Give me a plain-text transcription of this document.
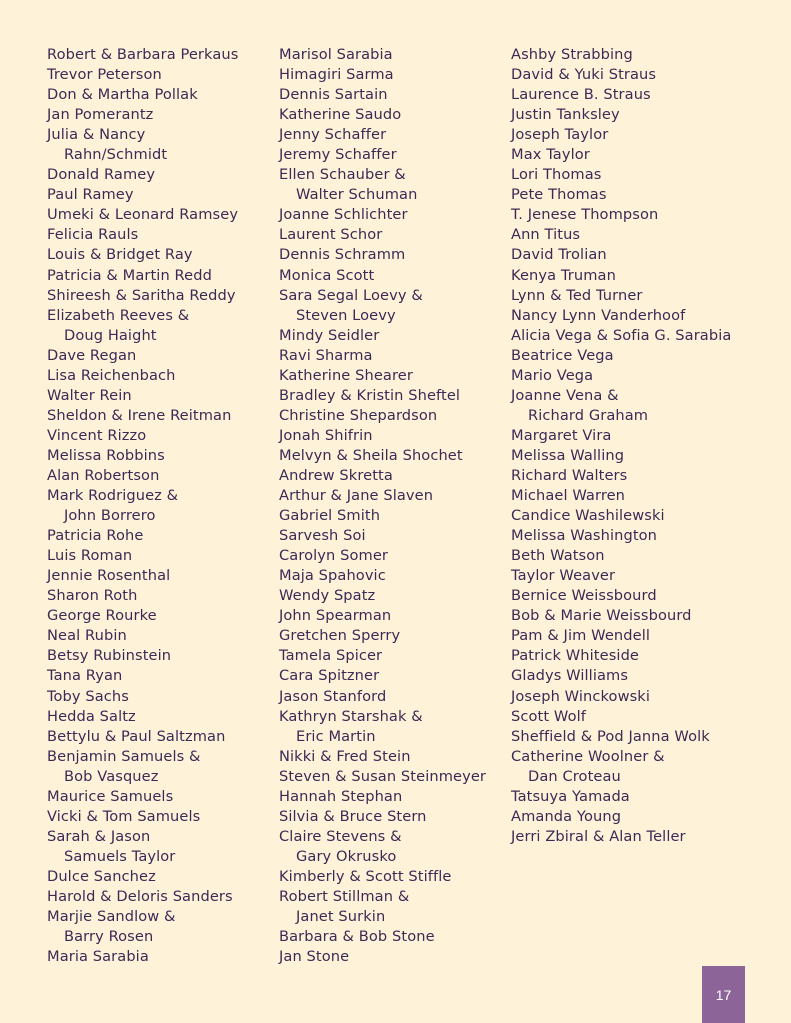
Robert & Barbara Perkaus
Trevor Peterson
Don & Martha Pollak
Jan Pomerantz
Julia & Nancy
Rahn/Schmidt
Donald Ramey
Paul Ramey
Umeki & Leonard Ramsey
Felicia Rauls
Louis & Bridget Ray
Patricia & Martin Redd
Shireesh & Saritha Reddy
Elizabeth Reeves &
Doug Haight
Dave Regan
Lisa Reichenbach
Walter Rein
Sheldon & Irene Reitman
Vincent Rizzo
Melissa Robbins
Alan Robertson
Mark Rodriguez &
John Borrero
Patricia Rohe
Luis Roman
Jennie Rosenthal
Sharon Roth
George Rourke
Neal Rubin
Betsy Rubinstein
Tana Ryan
Toby Sachs
Hedda Saltz
Bettylu & Paul Saltzman
Benjamin Samuels &
Bob Vasquez
Maurice Samuels
Vicki & Tom Samuels
Sarah & Jason
Samuels Taylor
Dulce Sanchez
Harold & Deloris Sanders
Marjie Sandlow &
Barry Rosen
Maria Sarabia
Marisol Sarabia
Himagiri Sarma
Dennis Sartain
Katherine Saudo
Jenny Schaffer
Jeremy Schaffer
Ellen Schauber &
Walter Schuman
Joanne Schlichter
Laurent Schor
Dennis Schramm
Monica Scott
Sara Segal Loevy &
Steven Loevy
Mindy Seidler
Ravi Sharma
Katherine Shearer
Bradley & Kristin Sheftel
Christine Shepardson
Jonah Shifrin
Melvyn & Sheila Shochet
Andrew Skretta
Arthur & Jane Slaven
Gabriel Smith
Sarvesh Soi
Carolyn Somer
Maja Spahovic
Wendy Spatz
John Spearman
Gretchen Sperry
Tamela Spicer
Cara Spitzner
Jason Stanford
Kathryn Starshak &
Eric Martin
Nikki & Fred Stein
Steven & Susan Steinmeyer
Hannah Stephan
Silvia & Bruce Stern
Claire Stevens &
Gary Okrusko
Kimberly & Scott Stiffle
Robert Stillman &
Janet Surkin
Barbara & Bob Stone
Jan Stone
Ashby Strabbing
David & Yuki Straus
Laurence B. Straus
Justin Tanksley
Joseph Taylor
Max Taylor
Lori Thomas
Pete Thomas
T. Jenese Thompson
Ann Titus
David Trolian
Kenya Truman
Lynn & Ted Turner
Nancy Lynn Vanderhoof
Alicia Vega & Sofia G. Sarabia
Beatrice Vega
Mario Vega
Joanne Vena &
Richard Graham
Margaret Vira
Melissa Walling
Richard Walters
Michael Warren
Candice Washilewski
Melissa Washington
Beth Watson
Taylor Weaver
Bernice Weissbourd
Bob & Marie Weissbourd
Pam & Jim Wendell
Patrick Whiteside
Gladys Williams
Joseph Winckowski
Scott Wolf
Sheffield & Pod Janna Wolk
Catherine Woolner &
Dan Croteau
Tatsuya Yamada
Amanda Young
Jerri Zbiral & Alan Teller
17
